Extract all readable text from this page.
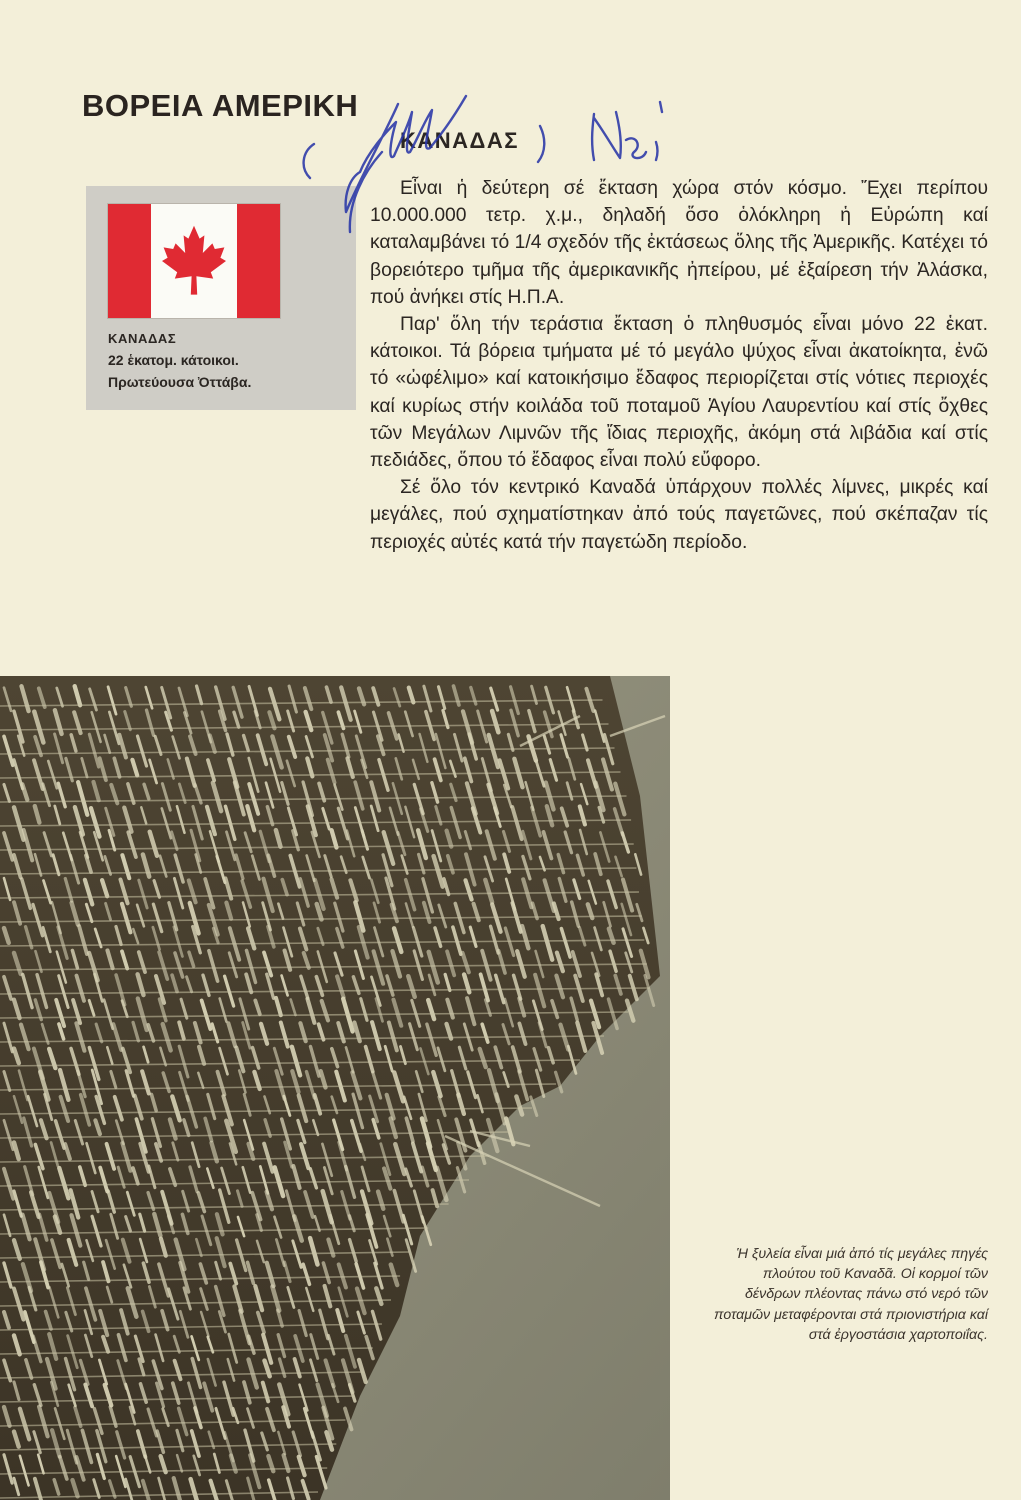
ΒΟΡΕΙΑ ΑΜΕΡΙΚΗ
ΚΑΝΑΔΑΣ
22 ἑκατομ. κάτοικοι.
Πρωτεύουσα Ὀττάβα.
ΚΑΝΑΔΑΣ

Εἶναι ἡ δεύτερη σέ ἔκταση χώρα στόν κόσμο. Ἔχει περίπου 10.000.000 τετρ. χ.μ., δηλαδή ὅσο ὁλόκληρη ἡ Εὐρώπη καί καταλαμβάνει τό 1/4 σχεδόν τῆς ἐκτάσεως ὅλης τῆς Ἀμερικῆς. Κατέχει τό βορειότερο τμῆμα τῆς ἀμερικανικῆς ἠπείρου, μέ ἐξαίρεση τήν Ἀλάσκα, πού ἀνήκει στίς Η.Π.Α.

Παρ' ὅλη τήν τεράστια ἔκταση ὁ πληθυσμός εἶναι μόνο 22 ἑκατ. κάτοικοι. Τά βόρεια τμήματα μέ τό μεγάλο ψύχος εἶναι ἀκατοίκητα, ἐνῶ τό «ὠφέλιμο» καί κατοικήσιμο ἔδαφος περιορίζεται στίς νότιες περιοχές καί κυρίως στήν κοιλάδα τοῦ ποταμοῦ Ἁγίου Λαυρεντίου καί στίς ὄχθες τῶν Μεγάλων Λιμνῶν τῆς ἴδιας περιοχῆς, ἀκόμη στά λιβάδια καί στίς πεδιάδες, ὅπου τό ἔδαφος εἶναι πολύ εὔφορο.

Σέ ὅλο τόν κεντρικό Καναδά ὑπάρχουν πολλές λίμνες, μικρές καί μεγάλες, πού σχηματίστηκαν ἀπό τούς παγετῶνες, πού σκέπαζαν τίς περιοχές αὐτές κατά τήν παγετώδη περίοδο.

Ἡ ξυλεία εἶναι μιά ἀπό τίς μεγάλες πηγές πλούτου τοῦ Καναδᾶ. Οἱ κορμοί τῶν δένδρων πλέοντας πάνω στό νερό τῶν ποταμῶν μεταφέρονται στά πριονιστήρια καί στά ἐργοστάσια χαρτοποιΐας.
